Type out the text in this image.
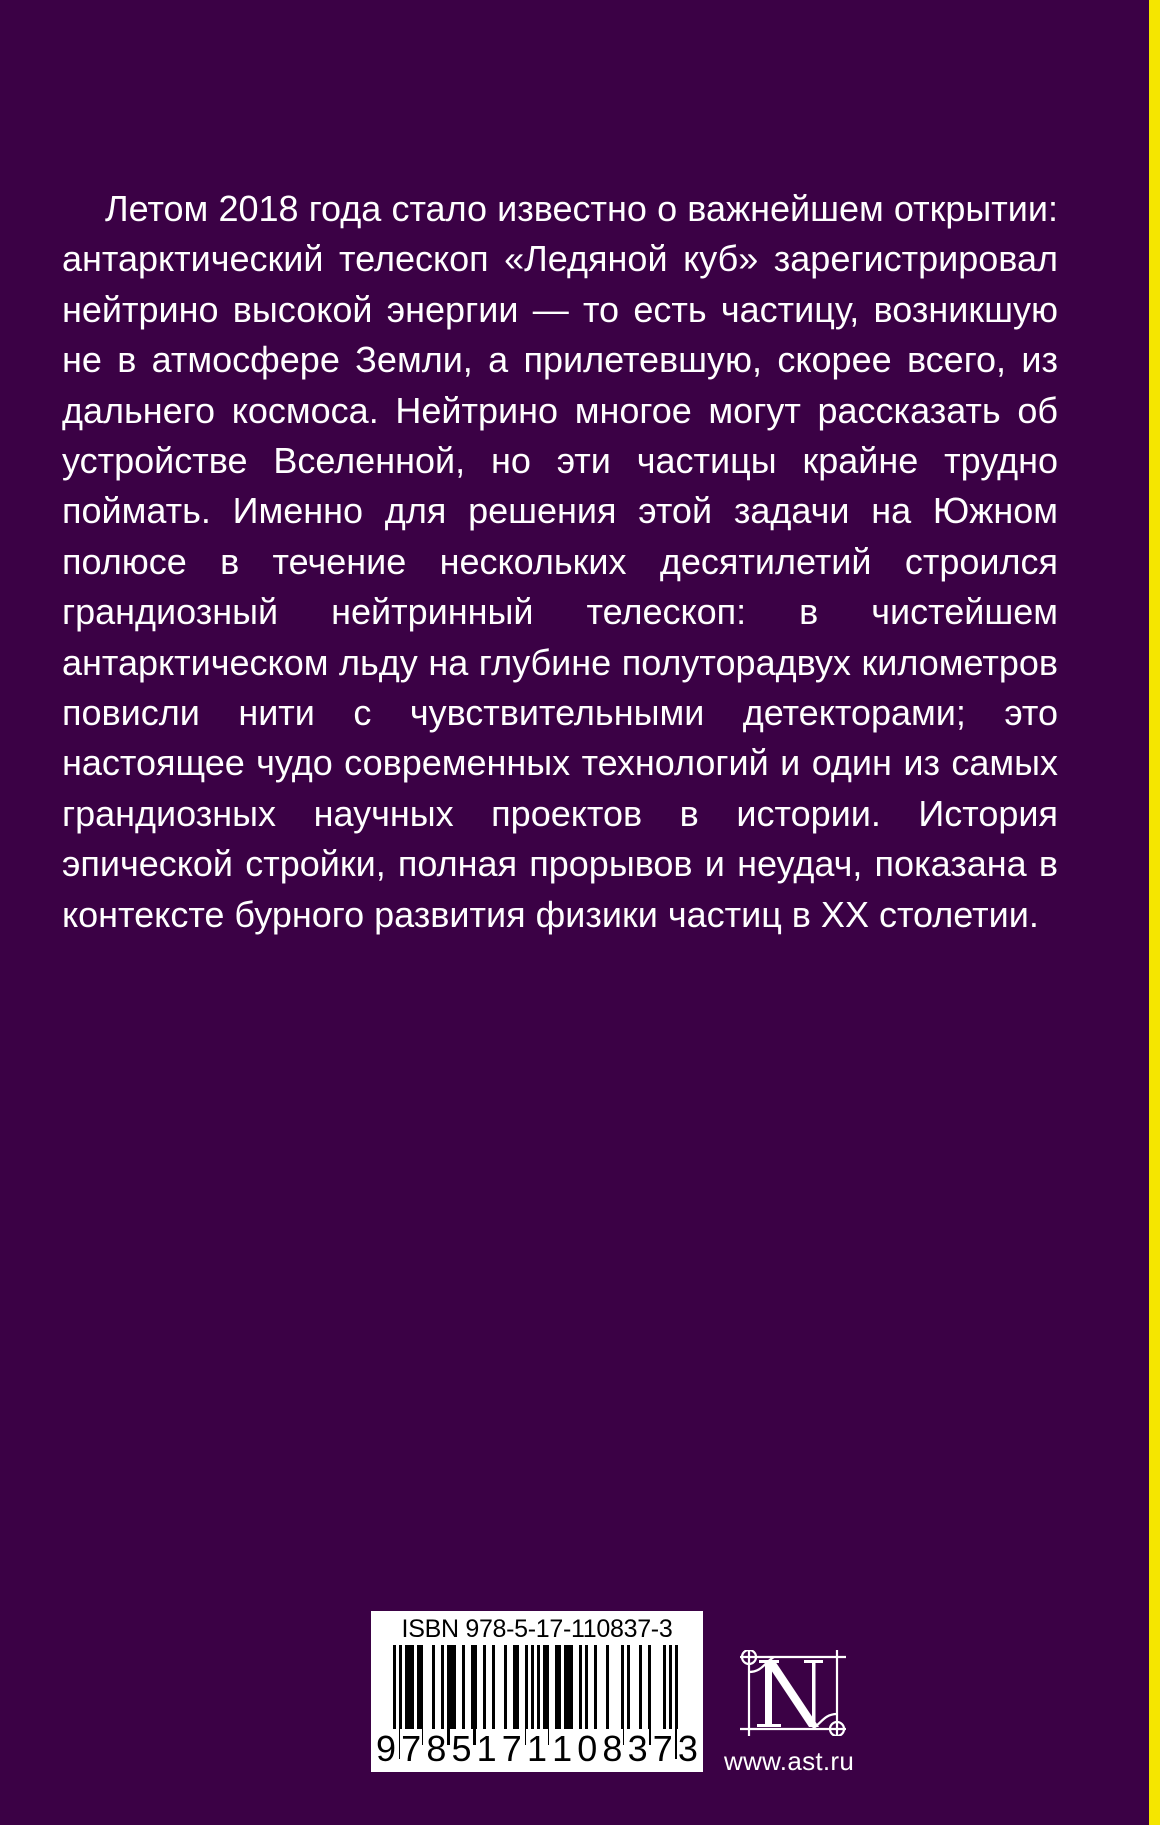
Летом 2018 года стало известно о важнейшем открытии: антарктический телескоп «Ледяной куб» зарегистрировал нейтрино высокой энергии — то есть частицу, возникшую не в атмосфере Земли, а прилетевшую, скорее всего, из дальнего космоса. Нейтрино многое могут рассказать об устройстве Вселенной, но эти частицы крайне трудно поймать. Именно для решения этой задачи на Южном полюсе в течение нескольких десятилетий строился грандиозный нейтринный телескоп: в чистейшем антарктическом льду на глубине полуторадвух километров повисли нити с чувствительными детекторами; это настоящее чудо современных технологий и один из самых грандиозных научных проектов в истории. История эпической стройки, полная прорывов и неудач, показана в контексте бурного развития физики частиц в XX столетии.

ISBN 978-5-17-110837-3
9 7 8 5 1 7 1 1 0 8 3 7 3 www.ast.ru
